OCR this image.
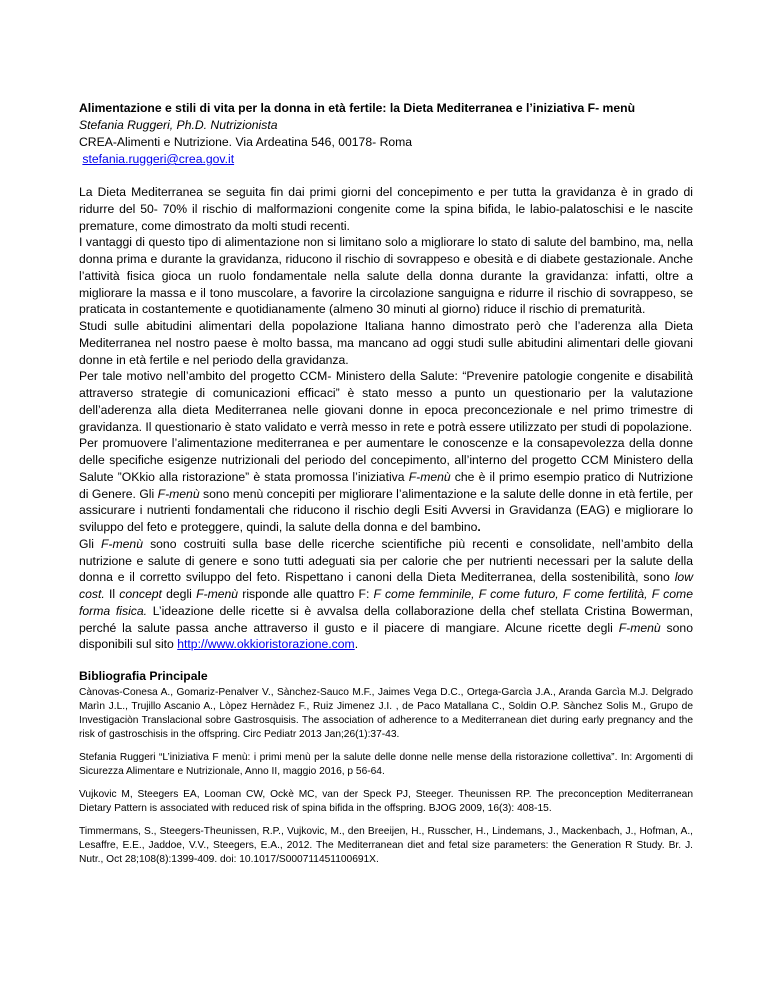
Alimentazione e stili di vita per la donna in età fertile: la Dieta Mediterranea e l’iniziativa F- menù

Stefania Ruggeri, Ph.D. Nutrizionista

CREA-Alimenti e Nutrizione. Via Ardeatina 546, 00178- Roma

stefania.ruggeri@crea.gov.it

La Dieta Mediterranea se seguita fin dai primi giorni del concepimento e per tutta la gravidanza è in grado di ridurre del 50- 70% il rischio di malformazioni congenite come la spina bifida, le labio-palatoschisi e le nascite premature, come dimostrato da molti studi recenti.

I vantaggi di questo tipo di alimentazione non si limitano solo a migliorare lo stato di salute del bambino, ma, nella donna prima e durante la gravidanza, riducono il rischio di sovrappeso e obesità e di diabete gestazionale. Anche l’attività fisica gioca un ruolo fondamentale nella salute della donna durante la gravidanza: infatti, oltre a migliorare la massa e il tono muscolare, a favorire la circolazione sanguigna e ridurre il rischio di sovrappeso, se praticata in costantemente e quotidianamente (almeno 30 minuti al giorno) riduce il rischio di prematurità.

Studi sulle abitudini alimentari della popolazione Italiana hanno dimostrato però che l’aderenza alla Dieta Mediterranea nel nostro paese è molto bassa, ma mancano ad oggi studi sulle abitudini alimentari delle giovani donne in età fertile e nel periodo della gravidanza.

Per tale motivo nell’ambito del progetto CCM- Ministero della Salute: “Prevenire patologie congenite e disabilità attraverso strategie di comunicazioni efficaci” è stato messo a punto un questionario per la valutazione dell’aderenza alla dieta Mediterranea nelle giovani donne in epoca preconcezionale e nel primo trimestre di gravidanza. Il questionario è stato validato e verrà messo in rete e potrà essere utilizzato per studi di popolazione.

Per promuovere l’alimentazione mediterranea e per aumentare le conoscenze e la consapevolezza della donne delle specifiche esigenze nutrizionali del periodo del concepimento, all’interno del progetto CCM Ministero della Salute ”OKkio alla ristorazione” è stata promossa l’iniziativa F-menù che è il primo esempio pratico di Nutrizione di Genere. Gli F-menù sono menù concepiti per migliorare l’alimentazione e la salute delle donne in età fertile, per assicurare i nutrienti fondamentali che riducono il rischio degli Esiti Avversi in Gravidanza (EAG) e migliorare lo sviluppo del feto e proteggere, quindi, la salute della donna e del bambino.

Gli F-menù sono costruiti sulla base delle ricerche scientifiche più recenti e consolidate, nell’ambito della nutrizione e salute di genere e sono tutti adeguati sia per calorie che per nutrienti necessari per la salute della donna e il corretto sviluppo del feto. Rispettano i canoni della Dieta Mediterranea, della sostenibilità, sono low cost. Il concept degli F-menù risponde alle quattro F: F come femminile, F come futuro, F come fertilità, F come forma fisica. L’ideazione delle ricette si è avvalsa della collaborazione della chef stellata Cristina Bowerman, perché la salute passa anche attraverso il gusto e il piacere di mangiare. Alcune ricette degli F-menù sono disponibili sul sito http://www.okkioristorazione.com.

Bibliografia Principale

Cànovas-Conesa A., Gomariz-Penalver V., Sànchez-Sauco M.F., Jaimes Vega D.C., Ortega-Garcìa J.A., Aranda Garcìa M.J. Delgrado Marìn J.L., Trujillo Ascanio A., Lòpez Hernàdez F., Ruiz Jimenez J.I. , de Paco Matallana C., Soldin O.P. Sànchez Solis M., Grupo de Investigaciòn Translacional sobre Gastrosquisis. The association of adherence to a Mediterranean diet during early pregnancy and the risk of gastroschisis in the offspring. Circ Pediatr 2013 Jan;26(1):37-43.

Stefania Ruggeri “L’iniziativa F menù: i primi menù per la salute delle donne nelle mense della ristorazione collettiva”. In: Argomenti di Sicurezza Alimentare e Nutrizionale, Anno II, maggio 2016, p 56-64.

Vujkovic M, Steegers EA, Looman CW, Ockè MC, van der Speck PJ, Steeger. Theunissen RP. The preconception Mediterranean Dietary Pattern is associated with reduced risk of spina bifida in the offspring. BJOG 2009, 16(3): 408-15.

Timmermans, S., Steegers-Theunissen, R.P., Vujkovic, M., den Breeijen, H., Russcher, H., Lindemans, J., Mackenbach, J., Hofman, A., Lesaffre, E.E., Jaddoe, V.V., Steegers, E.A., 2012. The Mediterranean diet and fetal size parameters: the Generation R Study. Br. J. Nutr., Oct 28;108(8):1399-409. doi: 10.1017/S000711451100691X.
